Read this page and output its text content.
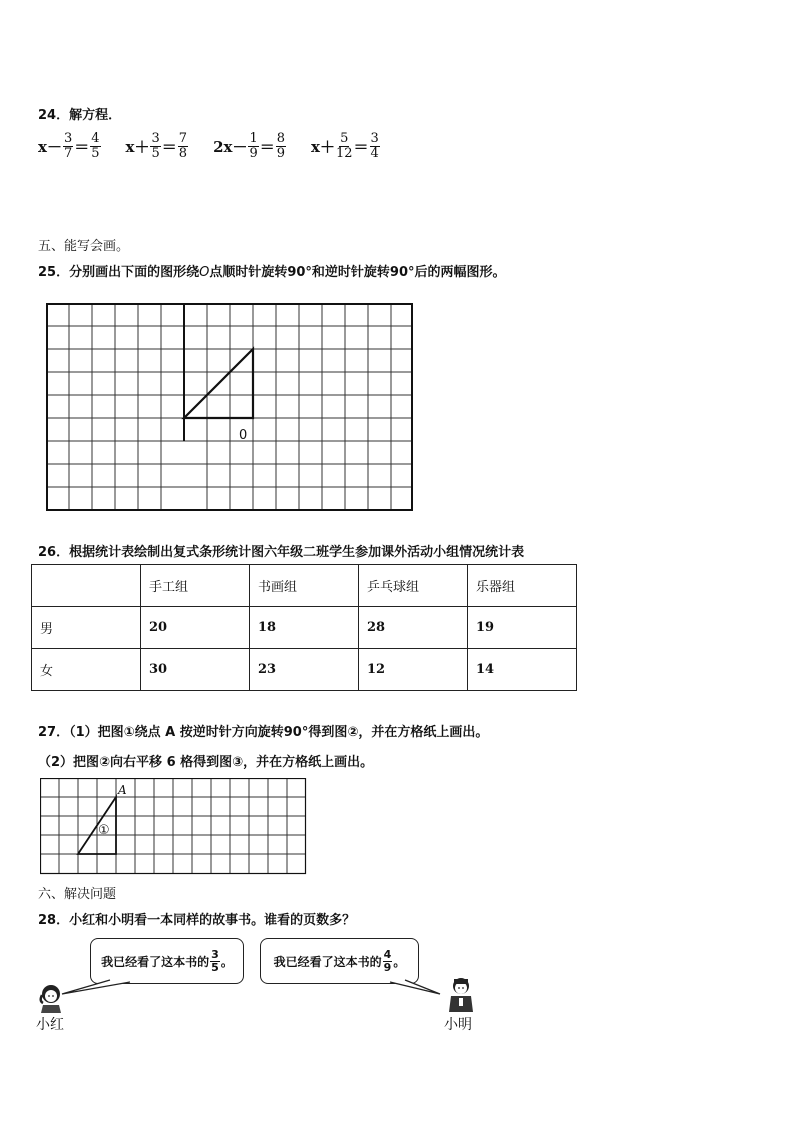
24．解方程．
$x- \frac{3}{7} = \frac{4}{5} x+ \frac{3}{5} = \frac{7}{8} 2x- \frac{1}{9} = \frac{8}{9} x+ \frac{5}{12} = \frac{3}{4}$
五、能写会画。
25．分别画出下面的图形绕O点顺时针旋转90°和逆时针旋转90°后的两幅图形。
0
26．根据统计表绘制出复式条形统计图六年级二班学生参加课外活动小组情况统计表
	手工组	书画组	乒乓球组	乐器组
男	20	18	28	19
女	30	23	12	14
27．（1）把图①绕点 A 按逆时针方向旋转90°得到图②，并在方格纸上画出。
（2）把图②向右平移 6 格得到图③，并在方格纸上画出。
A
①
六、解决问题
28．小红和小明看一本同样的故事书。谁看的页数多？
我已经看了这本书的 $\frac{3}{5}$ 。	我已经看了这本书的 $\frac{4}{9}$ 。
小红	小明
